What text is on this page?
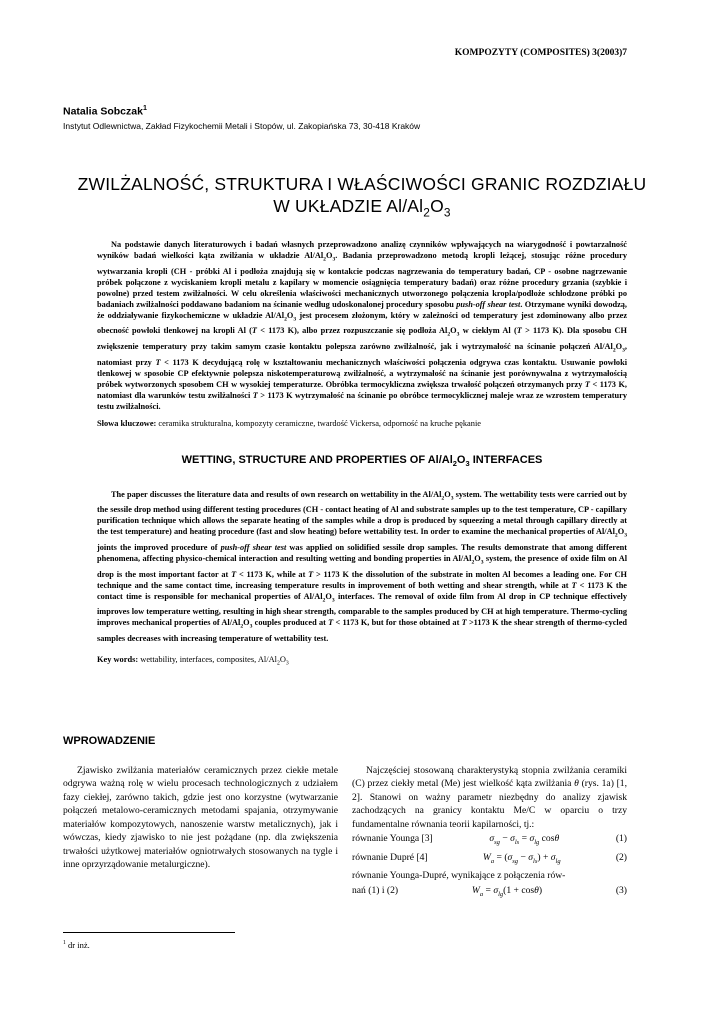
KOMPOZYTY (COMPOSITES) 3(2003)7
Natalia Sobczak$^1$
Instytut Odlewnictwa, Zakład Fizykochemii Metali i Stopów, ul. Zakopiańska 73, 30-418 Kraków
ZWILŻALNOŚĆ, STRUKTURA I WŁAŚCIWOŚCI GRANIC ROZDZIAŁU
W UKŁADZIE $Al/Al_2O_3$

Na podstawie danych literaturowych i badań własnych przeprowadzono analizę czynników wpływających na wiarygodność i powtarzalność wyników badań wielkości kąta zwilżania w układzie $Al/Al_2O_3$. Badania przeprowadzono metodą kropli leżącej, stosując różne procedury wytwarzania kropli (CH - próbki Al i podłoża znajdują się w kontakcie podczas nagrzewania do temperatury badań, CP - osobne nagrzewanie próbek połączone z wyciskaniem kropli metalu z kapilary w momencie osiągnięcia temperatury badań) oraz różne procedury grzania (szybkie i powolne) przed testem zwilżalności. W celu określenia właściwości mechanicznych utworzonego połączenia kropla/podłoże schłodzone próbki po badaniach zwilżalności poddawano badaniom na ścinanie według udoskonalonej procedury sposobu push-off shear test. Otrzymane wyniki dowodzą, że oddziaływanie fizykochemiczne w układzie $Al/Al_2O_3$ jest procesem złożonym, który w zależności od temperatury jest zdominowany albo przez obecność powłoki tlenkowej na kropli Al (T < 1173 K), albo przez rozpuszczanie się podłoża $Al_2O_3$ w ciekłym Al (T > 1173 K). Dla sposobu CH zwiększenie temperatury przy takim samym czasie kontaktu polepsza zarówno zwilżalność, jak i wytrzymałość na ścinanie połączeń $Al/Al_2O_3$, natomiast przy T < 1173 K decydującą rolę w kształtowaniu mechanicznych właściwości połączenia odgrywa czas kontaktu. Usuwanie powłoki tlenkowej w sposobie CP efektywnie polepsza niskotemperaturową zwilżalność, a wytrzymałość na ścinanie jest porównywalna z wytrzymałością próbek wytworzonych sposobem CH w wysokiej temperaturze. Obróbka termocykliczna zwiększa trwałość połączeń otrzymanych przy T < 1173 K, natomiast dla warunków testu zwilżalności T > 1173 K wytrzymałość na ścinanie po obróbce termocyklicznej maleje wraz ze wzrostem temperatury testu zwilżalności.

Słowa kluczowe: ceramika strukturalna, kompozyty ceramiczne, twardość Vickersa, odporność na kruche pękanie

WETTING, STRUCTURE AND PROPERTIES OF $Al/Al_2O_3$ INTERFACES

The paper discusses the literature data and results of own research on wettability in the $Al/Al_2O_3$ system. The wettability tests were carried out by the sessile drop method using different testing procedures (CH - contact heating of Al and substrate samples up to the test temperature, CP - capillary purification technique which allows the separate heating of the samples while a drop is produced by squeezing a metal through capillary directly at the test temperature) and heating procedure (fast and slow heating) before wettability test. In order to examine the mechanical properties of $Al/Al_2O_3$ joints the improved procedure of push-off shear test was applied on solidified sessile drop samples. The results demonstrate that among different phenomena, affecting physico-chemical interaction and resulting wetting and bonding properties in $Al/Al_2O_3$ system, the presence of oxide film on Al drop is the most important factor at T < 1173 K, while at T > 1173 K the dissolution of the substrate in molten Al becomes a leading one. For CH technique and the same contact time, increasing temperature results in improvement of both wetting and shear strength, while at T < 1173 K the contact time is responsible for mechanical properties of $Al/Al_2O_3$ interfaces. The removal of oxide film from Al drop in CP technique effectively improves low temperature wetting, resulting in high shear strength, comparable to the samples produced by CH at high temperature. Thermo-cycling improves mechanical properties of $Al/Al_2O_3$ couples produced at T < 1173 K, but for those obtained at T >1173 K the shear strength of thermo-cycled samples decreases with increasing temperature of wettability test.

Key words: wettability, interfaces, composites, $Al/Al_2O_3$

WPROWADZENIE

Zjawisko zwilżania materiałów ceramicznych przez ciekłe metale odgrywa ważną rolę w wielu procesach technologicznych z udziałem fazy ciekłej, zarówno takich, gdzie jest ono korzystne (wytwarzanie połączeń metalowo-ceramicznych metodami spajania, otrzymywanie materiałów kompozytowych, nanoszenie warstw metalicznych), jak i wówczas, kiedy zjawisko to nie jest pożądane (np. dla zwiększenia trwałości użytkowej materiałów ogniotrwałych stosowanych na tygle i inne oprzyrządowanie metalurgiczne).

Najczęściej stosowaną charakterystyką stopnia zwilżania ceramiki (C) przez ciekły metal (Me) jest wielkość kąta zwilżania θ (rys. 1a) [1, 2]. Stanowi on ważny parametr niezbędny do analizy zjawisk zachodzących na granicy kontaktu Me/C w oparciu o trzy fundamentalne równania teorii kapilarności, tj.:

równanie Younga [3]	$\sigma_{sg} - \sigma_{ls} = \sigma_{lg}$ cosθ	(1)
równanie Dupré [4]	$W_a = (\sigma_{sg} - \sigma_{ls}) + \sigma_{lg}$	(2)

równanie Younga-Dupré, wynikające z połączenia rów-

nań (1) i (2)	$W_a = \sigma_{lg}(1 + \cos\theta)$	(3)

$^1$ dr inż.
